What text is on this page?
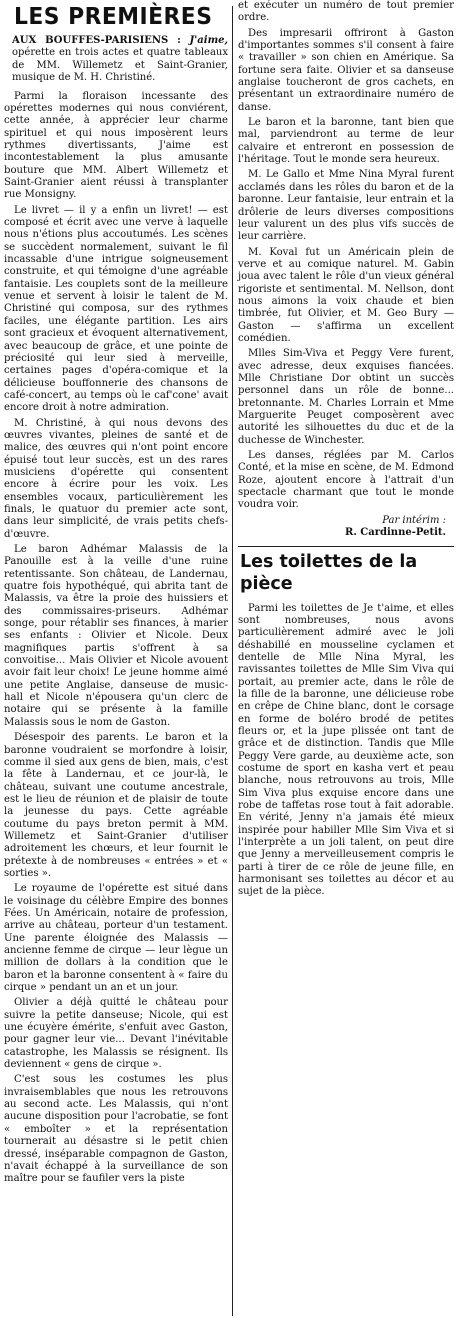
LES PREMIÈRES
AUX BOUFFES-PARISIENS : J'aime, opérette en trois actes et quatre tableaux de MM. Willemetz et Saint-Granier, musique de M. H. Christiné.

Parmi la floraison incessante des opérettes modernes qui nous conviérent, cette année, à apprécier leur charme spirituel et qui nous imposèrent leurs rythmes divertissants, J'aime est incontestablement la plus amusante bouture que MM. Albert Willemetz et Saint-Granier aient réussi à transplanter rue Monsigny.

Le livret — il y a enfin un livret! — est composé et écrit avec une verve à laquelle nous n'étions plus accoutumés. Les scènes se succèdent normalement, suivant le fil incassable d'une intrigue soigneusement construite, et qui témoigne d'une agréable fantaisie. Les couplets sont de la meilleure venue et servent à loisir le talent de M. Christiné qui composa, sur des rythmes faciles, une élégante partition. Les airs sont gracieux et évoquent alternativement, avec beaucoup de grâce, et une pointe de préciosité qui leur sied à merveille, certaines pages d'opéra-comique et la délicieuse bouffonnerie des chansons de café-concert, au temps où le caf'cone' avait encore droit à notre admiration.

M. Christiné, à qui nous devons des œuvres vivantes, pleines de santé et de malice, des œuvres qui n'ont point encore épuisé tout leur succès, est un des rares musiciens d'opérette qui consentent encore à écrire pour les voix. Les ensembles vocaux, particulièrement les finals, le quatuor du premier acte sont, dans leur simplicité, de vrais petits chefs-d'œuvre.

Le baron Adhémar Malassis de la Panouille est à la veille d'une ruine retentissante. Son château, de Landernau, quatre fois hypothéqué, qui abrita tant de Malassis, va être la proie des huissiers et des commissaires-priseurs. Adhémar songe, pour rétablir ses finances, à marier ses enfants : Olivier et Nicole. Deux magnifiques partis s'offrent à sa convoitise... Mais Olivier et Nicole avouent avoir fait leur choix! Le jeune homme aimé une petite Anglaise, danseuse de music-hall et Nicole n'épousera qu'un clerc de notaire qui se présente à la famille Malassis sous le nom de Gaston.

Désespoir des parents. Le baron et la baronne voudraient se morfondre à loisir, comme il sied aux gens de bien, mais, c'est la fête à Landernau, et ce jour-là, le château, suivant une coutume ancestrale, est le lieu de réunion et de plaisir de toute la jeunesse du pays. Cette agréable coutume du pays breton permit à MM. Willemetz et Saint-Granier d'utiliser adroitement les chœurs, et leur fournit le prétexte à de nombreuses « entrées » et « sorties ».

Le royaume de l'opérette est situé dans le voisinage du célèbre Empire des bonnes Fées. Un Américain, notaire de profession, arrive au château, porteur d'un testament. Une parente éloignée des Malassis — ancienne femme de cirque — leur lègue un million de dollars à la condition que le baron et la baronne consentent à « faire du cirque » pendant un an et un jour.

Olivier a déjà quitté le château pour suivre la petite danseuse; Nicole, qui est une écuyère émérite, s'enfuit avec Gaston, pour gagner leur vie... Devant l'inévitable catastrophe, les Malassis se résignent. Ils deviennent « gens de cirque ».

C'est sous les costumes les plus invraisemblables que nous les retrouvons au second acte. Les Malassis, qui n'ont aucune disposition pour l'acrobatie, se font « emboîter » et la représentation tournerait au désastre si le petit chien dressé, inséparable compagnon de Gaston, n'avait échappé à la surveillance de son maître pour se faufiler vers la piste

et exécuter un numéro de tout premier ordre.

Des impresarii offriront à Gaston d'importantes sommes s'il consent à faire « travailler » son chien en Amérique. Sa fortune sera faite. Olivier et sa danseuse anglaise toucheront de gros cachets, en présentant un extraordinaire numéro de danse.

Le baron et la baronne, tant bien que mal, parviendront au terme de leur calvaire et entreront en possession de l'héritage. Tout le monde sera heureux.

M. Le Gallo et Mme Nina Myral furent acclamés dans les rôles du baron et de la baronne. Leur fantaisie, leur entrain et la drôlerie de leurs diverses compositions leur valurent un des plus vifs succès de leur carrière.

M. Koval fut un Américain plein de verve et au comique naturel. M. Gabin joua avec talent le rôle d'un vieux général rigoriste et sentimental. M. Nellson, dont nous aimons la voix chaude et bien timbrée, fut Olivier, et M. Geo Bury — Gaston — s'affirma un excellent comédien.

Mlles Sim-Viva et Peggy Vere furent, avec adresse, deux exquises fiancées. Mlle Christiane Dor obtint un succès personnel dans un rôle de bonne... bretonnante. M. Charles Lorrain et Mme Marguerite Peuget composèrent avec autorité les silhouettes du duc et de la duchesse de Winchester.

Les danses, réglées par M. Carlos Conté, et la mise en scène, de M. Edmond Roze, ajoutent encore à l'attrait d'un spectacle charmant que tout le monde voudra voir.

Par intérim :
R. Cardinne-Petit.
Les toilettes de la pièce

Parmi les toilettes de Je t'aime, et elles sont nombreuses, nous avons particulièrement admiré avec le joli déshabillé en mousseline cyclamen et dentelle de Mlle Nina Myral, les ravissantes toilettes de Mlle Sim Viva qui portait, au premier acte, dans le rôle de la fille de la baronne, une délicieuse robe en crêpe de Chine blanc, dont le corsage en forme de boléro brodé de petites fleurs or, et la jupe plissée ont tant de grâce et de distinction. Tandis que Mlle Peggy Vere garde, au deuxième acte, son costume de sport en kasha vert et peau blanche, nous retrouvons au trois, Mlle Sim Viva plus exquise encore dans une robe de taffetas rose tout à fait adorable. En vérité, Jenny n'a jamais été mieux inspirée pour habiller Mlle Sim Viva et si l'interprète a un joli talent, on peut dire que Jenny a merveilleusement compris le parti à tirer de ce rôle de jeune fille, en harmonisant ses toilettes au décor et au sujet de la pièce.
